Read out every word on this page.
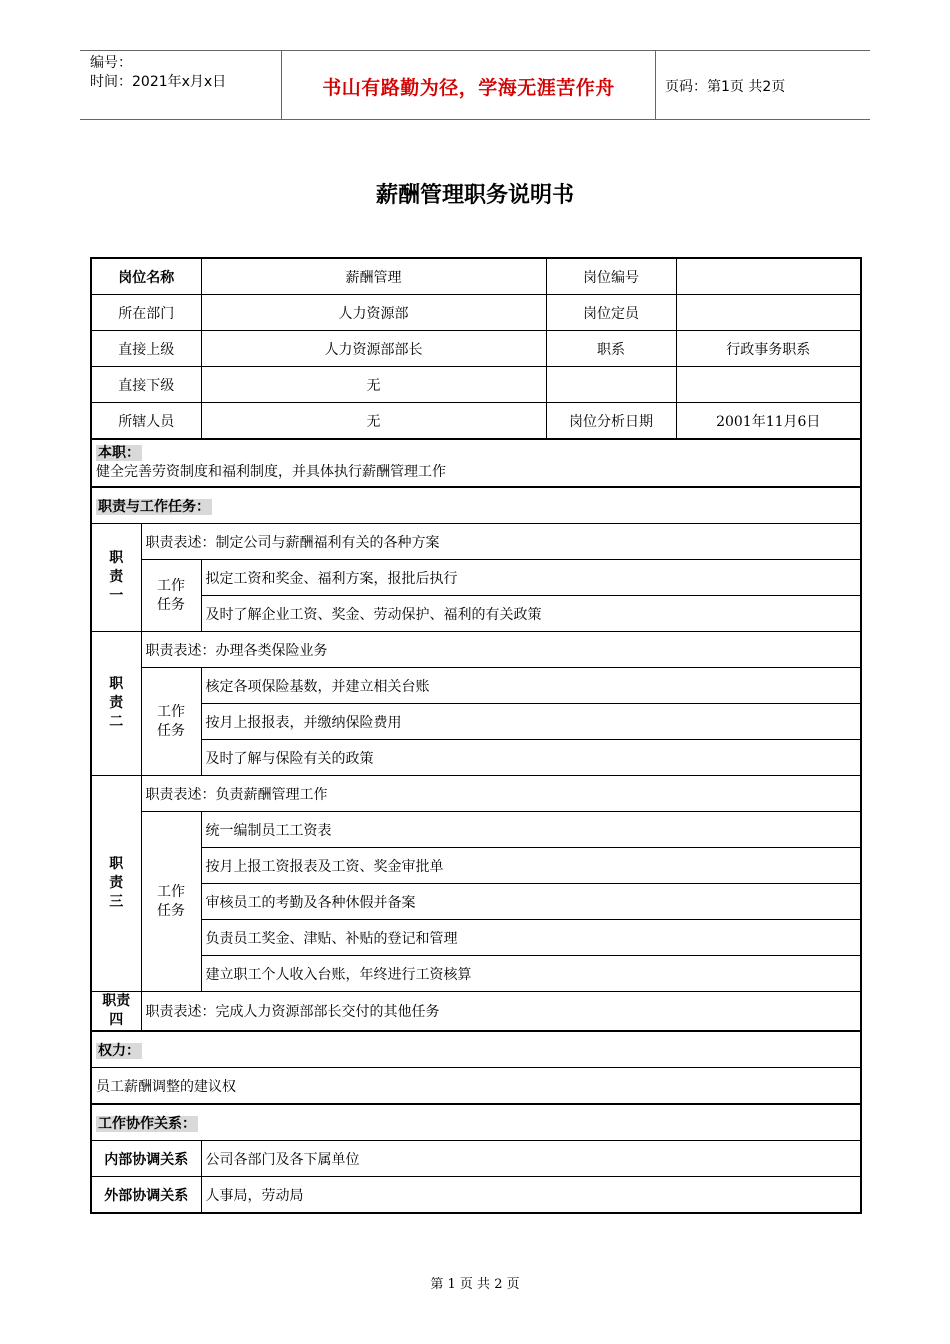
编号：
时间：2021年x月x日	书山有路勤为径，学海无涯苦作舟	页码：第1页 共2页
薪酬管理职务说明书
岗位名称		薪酬管理	岗位编号	
所在部门		人力资源部	岗位定员	
直接上级		人力资源部部长	职系	行政事务职系
直接下级		无		
所辖人员		无	岗位分析日期	2001年11月6日

本职：
健全完善劳资制度和福利制度，并具体执行薪酬管理工作				

职责与工作任务：				

职
责
一	职责表述：制定公司与薪酬福利有关的各种方案			

	工作
任务	拟定工资和奖金、福利方案，报批后执行		
		及时了解企业工资、奖金、劳动保护、福利的有关政策		

职
责
二	职责表述：办理各类保险业务			

	工作
任务	核定各项保险基数，并建立相关台账		
		按月上报报表，并缴纳保险费用		
		及时了解与保险有关的政策		

职
责
三	职责表述：负责薪酬管理工作			

	工作
任务	统一编制员工工资表		
		按月上报工资报表及工资、奖金审批单		
		审核员工的考勤及各种休假并备案		
		负责员工奖金、津贴、补贴的登记和管理		
		建立职工个人收入台账，年终进行工资核算		

职责
四	职责表述：完成人力资源部部长交付的其他任务			
权力：				
员工薪酬调整的建议权				
工作协作关系：				
内部协调关系		公司各部门及各下属单位		
外部协调关系		人事局，劳动局		
第 1 页 共 2 页
